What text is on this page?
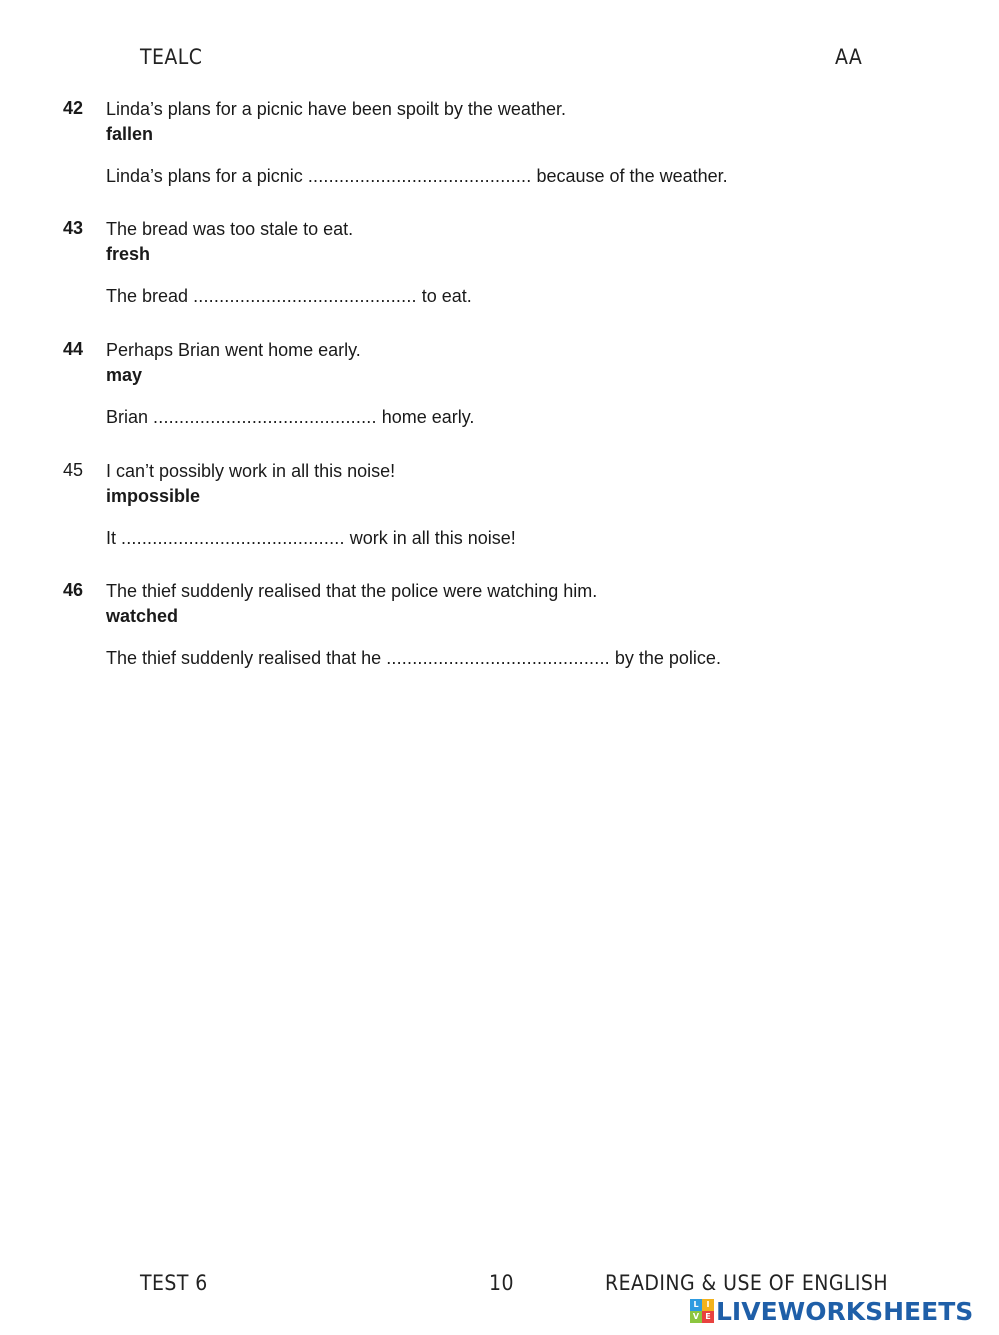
TEALC	AA
42 Linda’s plans for a picnic have been spoilt by the weather.
fallen
Linda’s plans for a picnic ........................................... because of the weather.
43 The bread was too stale to eat.
fresh
The bread ........................................... to eat.
44 Perhaps Brian went home early.
may
Brian ........................................... home early.
45 I can’t possibly work in all this noise!
impossible
It ........................................... work in all this noise!
46 The thief suddenly realised that the police were watching him.
watched
The thief suddenly realised that he ........................................... by the police.
TEST 6	10	READING & USE OF ENGLISH
L I
V E LIVEWORKSHEETS
